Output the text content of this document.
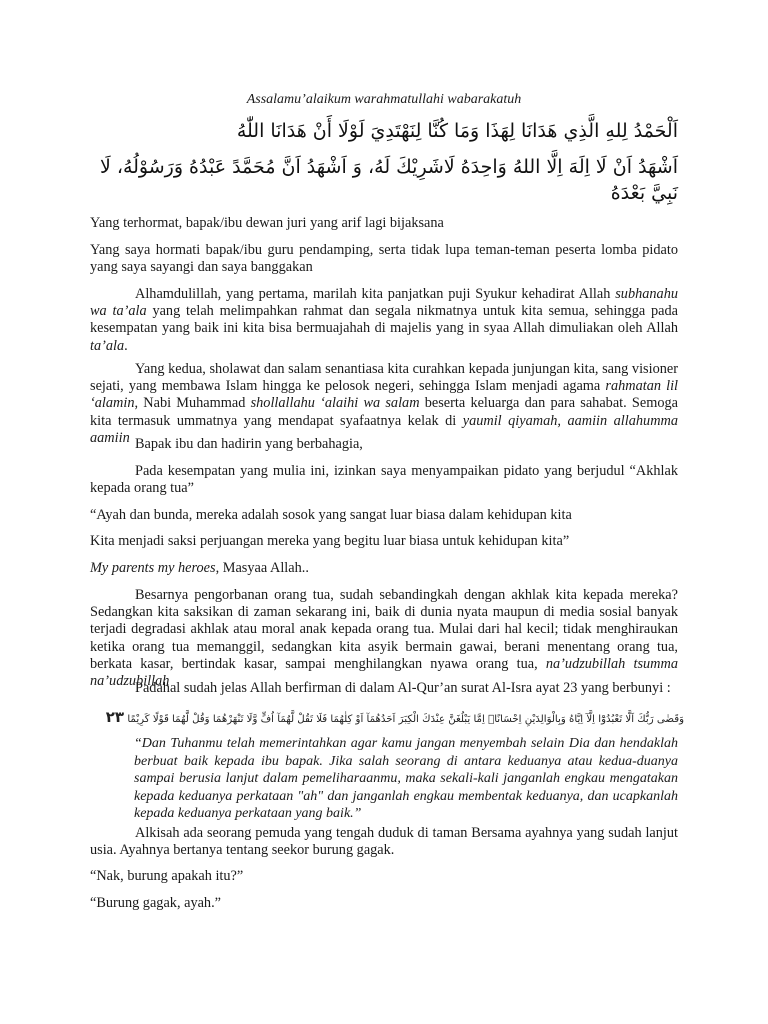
Assalamu’alaikum warahmatullahi wabarakatuh
اَلْحَمْدُ لِلهِ الَّذِي هَدَانَا لِهَذَا وَمَا كُنَّا لِنَهْتَدِيَ لَوْلَا أَنْ هَدَانَا اللّٰهُ
اَشْهَدُ اَنْ لَا اِلَهَ اِلَّا اللهُ وَاحِدَهُ لَاشَرِيْكَ لَهُ، وَ اَشْهَدُ اَنَّ مُحَمَّدً عَبْدُهُ وَرَسُوْلُهُ، لَا نَبِيَّ بَعْدَهُ

Yang terhormat, bapak/ibu dewan juri yang arif lagi bijaksana

Yang saya hormati bapak/ibu guru pendamping, serta tidak lupa teman-teman peserta lomba pidato yang saya sayangi dan saya banggakan

Alhamdulillah, yang pertama, marilah kita panjatkan puji Syukur kehadirat Allah subhanahu wa ta’ala yang telah melimpahkan rahmat dan segala nikmatnya untuk kita semua, sehingga pada kesempatan yang baik ini kita bisa bermuajahah di majelis yang in syaa Allah dimuliakan oleh Allah ta’ala.

Yang kedua, sholawat dan salam senantiasa kita curahkan kepada junjungan kita, sang visioner sejati, yang membawa Islam hingga ke pelosok negeri, sehingga Islam menjadi agama rahmatan lil ‘alamin, Nabi Muhammad shollallahu ‘alaihi wa salam beserta keluarga dan para sahabat. Semoga kita termasuk ummatnya yang mendapat syafaatnya kelak di yaumil qiyamah, aamiin allahumma aamiin Bapak ibu dan hadirin yang berbahagia,

Pada kesempatan yang mulia ini, izinkan saya menyampaikan pidato yang berjudul “Akhlak kepada orang tua”

“Ayah dan bunda, mereka adalah sosok yang sangat luar biasa dalam kehidupan kita

Kita menjadi saksi perjuangan mereka yang begitu luar biasa untuk kehidupan kita”

My parents my heroes, Masyaa Allah..

Besarnya pengorbanan orang tua, sudah sebandingkah dengan akhlak kita kepada mereka? Sedangkan kita saksikan di zaman sekarang ini, baik di dunia nyata maupun di media sosial banyak terjadi degradasi akhlak atau moral anak kepada orang tua. Mulai dari hal kecil; tidak menghiraukan ketika orang tua memanggil, sedangkan kita asyik bermain gawai, berani menentang orang tua, berkata kasar, bertindak kasar, sampai menghilangkan nyawa orang tua, na’udzubillah tsumma na’udzubillah

Padahal sudah jelas Allah berfirman di dalam Al-Qur’an surat Al-Isra ayat 23 yang berbunyi :

وَقَضٰى رَبُّكَ اَلَّا تَعْبُدُوْٓا اِلَّآ اِيَّاهُ وَبِالْوَالِدَيْنِ اِحْسَانًاۗ اِمَّا يَبْلُغَنَّ عِنْدَكَ الْكِبَرَ اَحَدُهُمَآ اَوْ كِلٰهُمَا فَلَا تَقُلْ لَّهُمَآ اُفٍّ وَّلَا تَنْهَرْهُمَا وَقُلْ لَّهُمَا قَوْلًا كَرِيْمًا ۲۳
“Dan Tuhanmu telah memerintahkan agar kamu jangan menyembah selain Dia dan hendaklah berbuat baik kepada ibu bapak. Jika salah seorang di antara keduanya atau kedua-duanya sampai berusia lanjut dalam pemeliharaanmu, maka sekali-kali janganlah engkau mengatakan kepada keduanya perkataan "ah" dan janganlah engkau membentak keduanya, dan ucapkanlah kepada keduanya perkataan yang baik.”

Alkisah ada seorang pemuda yang tengah duduk di taman Bersama ayahnya yang sudah lanjut usia. Ayahnya bertanya tentang seekor burung gagak.

“Nak, burung apakah itu?”

“Burung gagak, ayah.”
